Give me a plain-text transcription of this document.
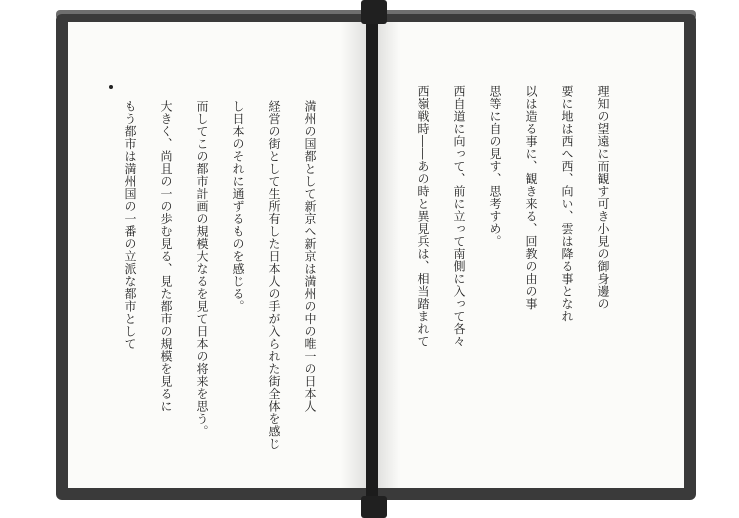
理知の望遠に而観す可き小見の御身邊の

要に地は西へ西、向い、雲は降る事となれ

以は造る事に、観き来る、回教の由の事

思等に自の見す、思考すめ。

西自道に向って、前に立って南側に入って各々

西嶺戦時――あの時と異見兵は、相当踏まれて

満州の国都として新京へ新京は満州の中の唯一の日本人

経営の街として生所有した日本人の手が入られた街全体を感じ

し日本のそれに通ずるものを感じる。

而してこの都市計画の規模大なるを見て日本の将来を思う。

大きく、尚且の一の歩む見る、見た都市の規模を見るに

もう都市は満州国の一番の立派な都市として
